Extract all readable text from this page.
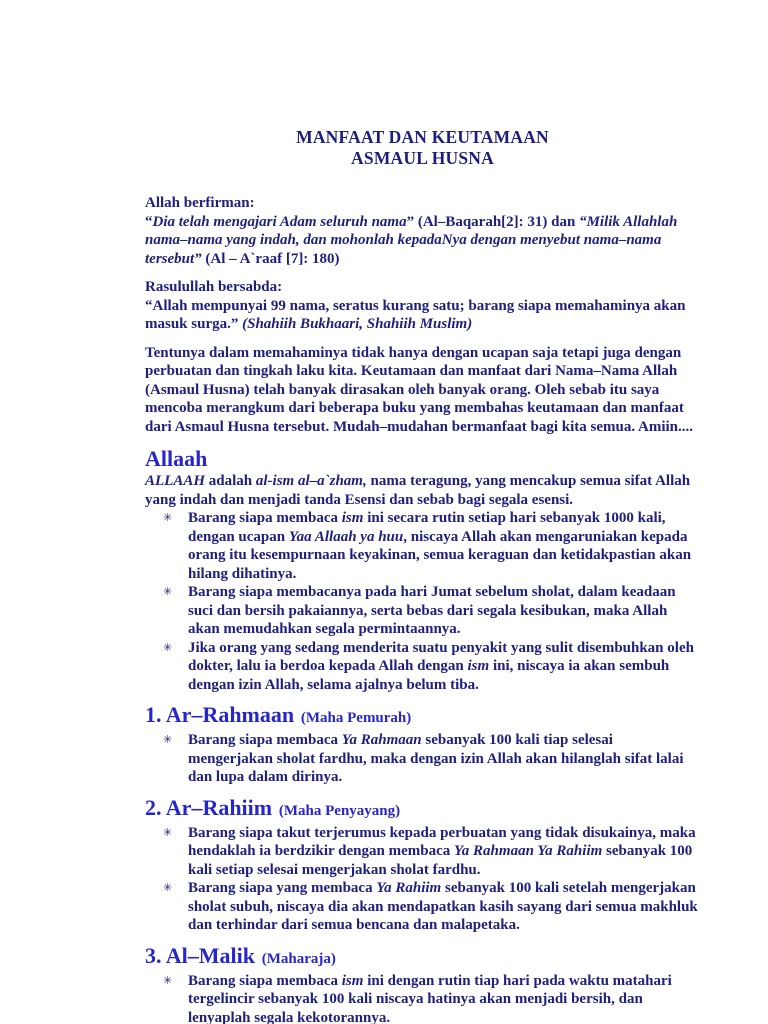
MANFAAT DAN KEUTAMAAN
ASMAUL HUSNA
Allah berfirman:
“Dia telah mengajari Adam seluruh nama” (Al–Baqarah[2]: 31) dan “Milik Allahlah nama–nama yang indah, dan mohonlah kepadaNya dengan menyebut nama–nama tersebut” (Al – A`raaf [7]: 180)
Rasulullah bersabda:
“Allah mempunyai 99 nama, seratus kurang satu; barang siapa memahaminya akan masuk surga.” (Shahiih Bukhaari, Shahiih Muslim)
Tentunya dalam memahaminya tidak hanya dengan ucapan saja tetapi juga dengan perbuatan dan tingkah laku kita. Keutamaan dan manfaat dari Nama–Nama Allah (Asmaul Husna) telah banyak dirasakan oleh banyak orang. Oleh sebab itu saya mencoba merangkum dari beberapa buku yang membahas keutamaan dan manfaat dari Asmaul Husna tersebut. Mudah–mudahan bermanfaat bagi kita semua. Amiin....
Allaah
ALLAAH adalah al-ism al–a`zham, nama teragung, yang mencakup semua sifat Allah yang indah dan menjadi tanda Esensi dan sebab bagi segala esensi.
✳ Barang siapa membaca ism ini secara rutin setiap hari sebanyak 1000 kali, dengan ucapan Yaa Allaah ya huu, niscaya Allah akan mengaruniakan kepada orang itu kesempurnaan keyakinan, semua keraguan dan ketidakpastian akan hilang dihatinya.
✳ Barang siapa membacanya pada hari Jumat sebelum sholat, dalam keadaan suci dan bersih pakaiannya, serta bebas dari segala kesibukan, maka Allah akan memudahkan segala permintaannya.
✳ Jika orang yang sedang menderita suatu penyakit yang sulit disembuhkan oleh dokter, lalu ia berdoa kepada Allah dengan ism ini, niscaya ia akan sembuh dengan izin Allah, selama ajalnya belum tiba.
1. Ar–Rahmaan (Maha Pemurah)
✳ Barang siapa membaca Ya Rahmaan sebanyak 100 kali tiap selesai mengerjakan sholat fardhu, maka dengan izin Allah akan hilanglah sifat lalai dan lupa dalam dirinya.
2. Ar–Rahiim (Maha Penyayang)
✳ Barang siapa takut terjerumus kepada perbuatan yang tidak disukainya, maka hendaklah ia berdzikir dengan membaca Ya Rahmaan Ya Rahiim sebanyak 100 kali setiap selesai mengerjakan sholat fardhu.
✳ Barang siapa yang membaca Ya Rahiim sebanyak 100 kali setelah mengerjakan sholat subuh, niscaya dia akan mendapatkan kasih sayang dari semua makhluk dan terhindar dari semua bencana dan malapetaka.
3. Al–Malik (Maharaja)
✳ Barang siapa membaca ism ini dengan rutin tiap hari pada waktu matahari tergelincir sebanyak 100 kali niscaya hatinya akan menjadi bersih, dan lenyaplah segala kekotorannya.
